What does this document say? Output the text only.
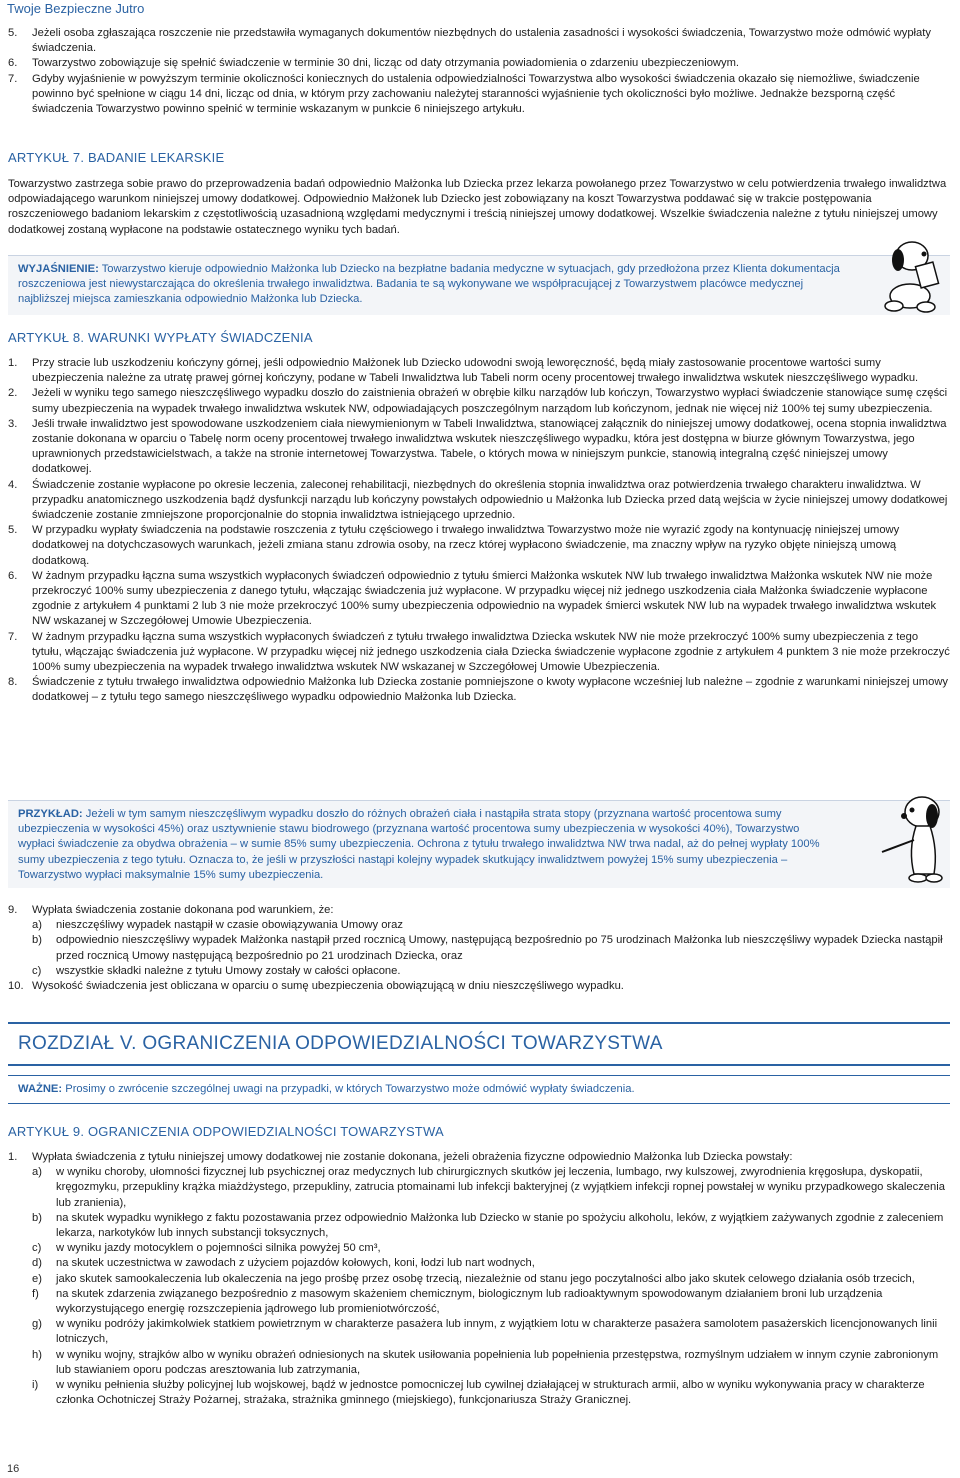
Twoje Bezpieczne Jutro
5. Jeżeli osoba zgłaszająca roszczenie nie przedstawiła wymaganych dokumentów niezbędnych do ustalenia zasadności i wysokości świadczenia, Towarzystwo może odmówić wypłaty świadczenia.
6. Towarzystwo zobowiązuje się spełnić świadczenie w terminie 30 dni, licząc od daty otrzymania powiadomienia o zdarzeniu ubezpieczeniowym.
7. Gdyby wyjaśnienie w powyższym terminie okoliczności koniecznych do ustalenia odpowiedzialności Towarzystwa albo wysokości świadczenia okazało się niemożliwe, świadczenie powinno być spełnione w ciągu 14 dni, licząc od dnia, w którym przy zachowaniu należytej staranności wyjaśnienie tych okoliczności było możliwe. Jednakże bezsporną część świadczenia Towarzystwo powinno spełnić w terminie wskazanym w punkcie 6 niniejszego artykułu.
ARTYKUŁ 7. BADANIE LEKARSKIE
Towarzystwo zastrzega sobie prawo do przeprowadzenia badań odpowiednio Małżonka lub Dziecka przez lekarza powołanego przez Towarzystwo w celu potwierdzenia trwałego inwalidztwa odpowiadającego warunkom niniejszej umowy dodatkowej. Odpowiednio Małżonek lub Dziecko jest zobowiązany na koszt Towarzystwa poddawać się w trakcie postępowania roszczeniowego badaniom lekarskim z częstotliwością uzasadnioną względami medycznymi i treścią niniejszej umowy dodatkowej. Wszelkie świadczenia należne z tytułu niniejszej umowy dodatkowej zostaną wypłacone na podstawie ostatecznego wyniku tych badań.
WYJAŚNIENIE: Towarzystwo kieruje odpowiednio Małżonka lub Dziecko na bezpłatne badania medyczne w sytuacjach, gdy przedłożona przez Klienta dokumentacja roszczeniowa jest niewystarczająca do określenia trwałego inwalidztwa. Badania te są wykonywane we współpracującej z Towarzystwem placówce medycznej najbliższej miejsca zamieszkania odpowiednio Małżonka lub Dziecka.
ARTYKUŁ 8. WARUNKI WYPŁATY ŚWIADCZENIA
1. Przy stracie lub uszkodzeniu kończyny górnej, jeśli odpowiednio Małżonek lub Dziecko udowodni swoją leworęczność, będą miały zastosowanie procentowe wartości sumy ubezpieczenia należne za utratę prawej górnej kończyny, podane w Tabeli Inwalidztwa lub Tabeli norm oceny procentowej trwałego inwalidztwa wskutek nieszczęśliwego wypadku.
2. Jeżeli w wyniku tego samego nieszczęśliwego wypadku doszło do zaistnienia obrażeń w obrębie kilku narządów lub kończyn, Towarzystwo wypłaci świadczenie stanowiące sumę części sumy ubezpieczenia na wypadek trwałego inwalidztwa wskutek NW, odpowiadających poszczególnym narządom lub kończynom, jednak nie więcej niż 100% tej sumy ubezpieczenia.
3. Jeśli trwałe inwalidztwo jest spowodowane uszkodzeniem ciała niewymienionym w Tabeli Inwalidztwa, stanowiącej załącznik do niniejszej umowy dodatkowej, ocena stopnia inwalidztwa zostanie dokonana w oparciu o Tabelę norm oceny procentowej trwałego inwalidztwa wskutek nieszczęśliwego wypadku, która jest dostępna w biurze głównym Towarzystwa, jego uprawnionych przedstawicielstwach, a także na stronie internetowej Towarzystwa. Tabele, o których mowa w niniejszym punkcie, stanowią integralną część niniejszej umowy dodatkowej.
4. Świadczenie zostanie wypłacone po okresie leczenia, zaleconej rehabilitacji, niezbędnych do określenia stopnia inwalidztwa oraz potwierdzenia trwałego charakteru inwalidztwa. W przypadku anatomicznego uszkodzenia bądź dysfunkcji narządu lub kończyny powstałych odpowiednio u Małżonka lub Dziecka przed datą wejścia w życie niniejszej umowy dodatkowej świadczenie zostanie zmniejszone proporcjonalnie do stopnia inwalidztwa istniejącego uprzednio.
5. W przypadku wypłaty świadczenia na podstawie roszczenia z tytułu częściowego i trwałego inwalidztwa Towarzystwo może nie wyrazić zgody na kontynuację niniejszej umowy dodatkowej na dotychczasowych warunkach, jeżeli zmiana stanu zdrowia osoby, na rzecz której wypłacono świadczenie, ma znaczny wpływ na ryzyko objęte niniejszą umową dodatkową.
6. W żadnym przypadku łączna suma wszystkich wypłaconych świadczeń odpowiednio z tytułu śmierci Małżonka wskutek NW lub trwałego inwalidztwa Małżonka wskutek NW nie może przekroczyć 100% sumy ubezpieczenia z danego tytułu, włączając świadczenia już wypłacone. W przypadku więcej niż jednego uszkodzenia ciała Małżonka świadczenie wypłacone zgodnie z artykułem 4 punktami 2 lub 3 nie może przekroczyć 100% sumy ubezpieczenia odpowiednio na wypadek śmierci wskutek NW lub na wypadek trwałego inwalidztwa wskutek NW wskazanej w Szczegółowej Umowie Ubezpieczenia.
7. W żadnym przypadku łączna suma wszystkich wypłaconych świadczeń z tytułu trwałego inwalidztwa Dziecka wskutek NW nie może przekroczyć 100% sumy ubezpieczenia z tego tytułu, włączając świadczenia już wypłacone. W przypadku więcej niż jednego uszkodzenia ciała Dziecka świadczenie wypłacone zgodnie z artykułem 4 punktem 3 nie może przekroczyć 100% sumy ubezpieczenia na wypadek trwałego inwalidztwa wskutek NW wskazanej w Szczegółowej Umowie Ubezpieczenia.
8. Świadczenie z tytułu trwałego inwalidztwa odpowiednio Małżonka lub Dziecka zostanie pomniejszone o kwoty wypłacone wcześniej lub należne – zgodnie z warunkami niniejszej umowy dodatkowej – z tytułu tego samego nieszczęśliwego wypadku odpowiednio Małżonka lub Dziecka.
PRZYKŁAD: Jeżeli w tym samym nieszczęśliwym wypadku doszło do różnych obrażeń ciała i nastąpiła strata stopy (przyznana wartość procentowa sumy ubezpieczenia w wysokości 45%) oraz usztywnienie stawu biodrowego (przyznana wartość procentowa sumy ubezpieczenia w wysokości 40%), Towarzystwo wypłaci świadczenie za obydwa obrażenia – w sumie 85% sumy ubezpieczenia. Ochrona z tytułu trwałego inwalidztwa NW trwa nadal, aż do pełnej wypłaty 100% sumy ubezpieczenia z tego tytułu. Oznacza to, że jeśli w przyszłości nastąpi kolejny wypadek skutkujący inwalidztwem powyżej 15% sumy ubezpieczenia – Towarzystwo wypłaci maksymalnie 15% sumy ubezpieczenia.
9. Wypłata świadczenia zostanie dokonana pod warunkiem, że:
a) nieszczęśliwy wypadek nastąpił w czasie obowiązywania Umowy oraz
b) odpowiednio nieszczęśliwy wypadek Małżonka nastąpił przed rocznicą Umowy, następującą bezpośrednio po 75 urodzinach Małżonka lub nieszczęśliwy wypadek Dziecka nastąpił przed rocznicą Umowy następującą bezpośrednio po 21 urodzinach Dziecka, oraz
c) wszystkie składki należne z tytułu Umowy zostały w całości opłacone.
10. Wysokość świadczenia jest obliczana w oparciu o sumę ubezpieczenia obowiązującą w dniu nieszczęśliwego wypadku.
ROZDZIAŁ V. OGRANICZENIA ODPOWIEDZIALNOŚCI TOWARZYSTWA
WAŻNE: Prosimy o zwrócenie szczególnej uwagi na przypadki, w których Towarzystwo może odmówić wypłaty świadczenia.
ARTYKUŁ 9. OGRANICZENIA ODPOWIEDZIALNOŚCI TOWARZYSTWA
1. Wypłata świadczenia z tytułu niniejszej umowy dodatkowej nie zostanie dokonana, jeżeli obrażenia fizyczne odpowiednio Małżonka lub Dziecka powstały:
a) w wyniku choroby, ułomności fizycznej lub psychicznej oraz medycznych lub chirurgicznych skutków jej leczenia, lumbago, rwy kulszowej, zwyrodnienia kręgosłupa, dyskopatii, kręgozmyku, przepukliny krążka miażdżystego, przepukliny, zatrucia ptomainami lub infekcji bakteryjnej (z wyjątkiem infekcji ropnej powstałej w wyniku przypadkowego skaleczenia lub zranienia),
b) na skutek wypadku wynikłego z faktu pozostawania przez odpowiednio Małżonka lub Dziecko w stanie po spożyciu alkoholu, leków, z wyjątkiem zażywanych zgodnie z zaleceniem lekarza, narkotyków lub innych substancji toksycznych,
c) w wyniku jazdy motocyklem o pojemności silnika powyżej 50 cm³,
d) na skutek uczestnictwa w zawodach z użyciem pojazdów kołowych, koni, łodzi lub nart wodnych,
e) jako skutek samookaleczenia lub okaleczenia na jego prośbę przez osobę trzecią, niezależnie od stanu jego poczytalności albo jako skutek celowego działania osób trzecich,
f) na skutek zdarzenia związanego bezpośrednio z masowym skażeniem chemicznym, biologicznym lub radioaktywnym spowodowanym działaniem broni lub urządzenia wykorzystującego energię rozszczepienia jądrowego lub promieniotwórczość,
g) w wyniku podróży jakimkolwiek statkiem powietrznym w charakterze pasażera lub innym, z wyjątkiem lotu w charakterze pasażera samolotem pasażerskich licencjonowanych linii lotniczych,
h) w wyniku wojny, strajków albo w wyniku obrażeń odniesionych na skutek usiłowania popełnienia lub popełnienia przestępstwa, rozmyślnym udziałem w innym czynie zabronionym lub stawianiem oporu podczas aresztowania lub zatrzymania,
i) w wyniku pełnienia służby policyjnej lub wojskowej, bądź w jednostce pomocniczej lub cywilnej działającej w strukturach armii, albo w wyniku wykonywania pracy w charakterze członka Ochotniczej Straży Pożarnej, strażaka, strażnika gminnego (miejskiego), funkcjonariusza Straży Granicznej.
16
